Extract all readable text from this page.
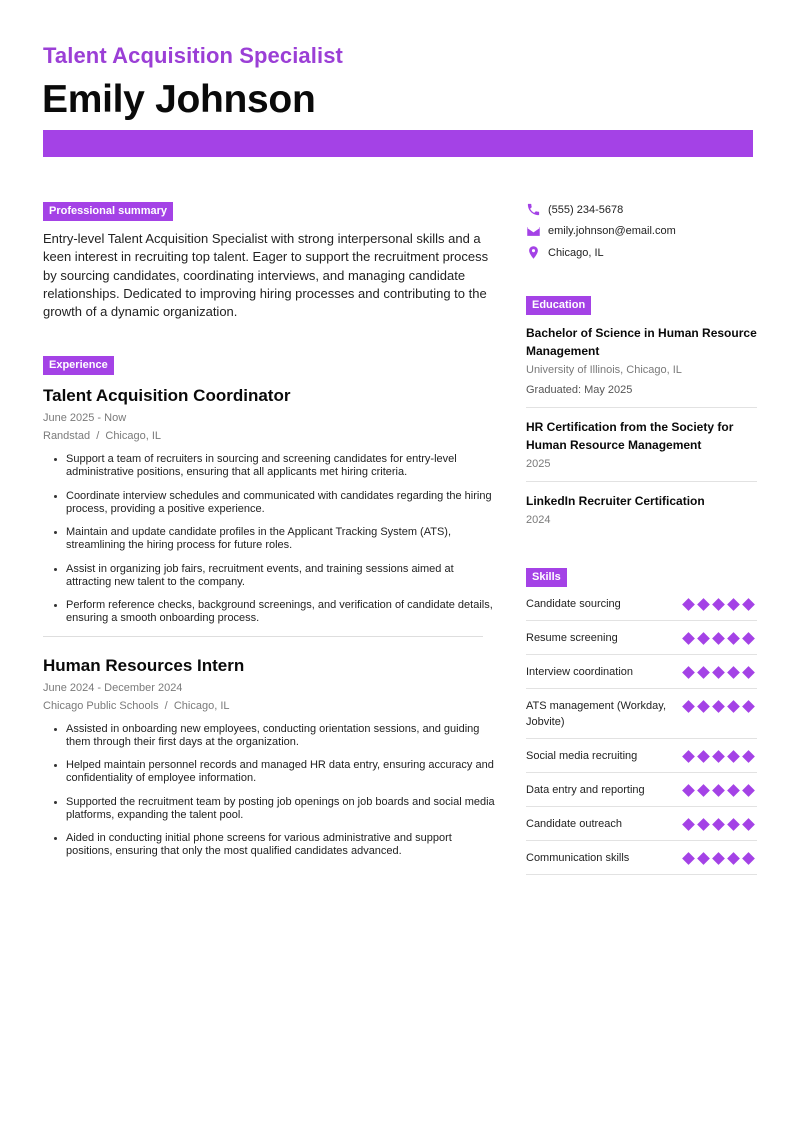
Talent Acquisition Specialist
Emily Johnson
Professional summary

Entry-level Talent Acquisition Specialist with strong interpersonal skills and a keen interest in recruiting top talent. Eager to support the recruitment process by sourcing candidates, coordinating interviews, and managing candidate relationships. Dedicated to improving hiring processes and contributing to the growth of a dynamic organization.

Experience
Talent Acquisition Coordinator
June 2025 - Now
Randstad  /  Chicago, IL
Support a team of recruiters in sourcing and screening candidates for entry-level administrative positions, ensuring that all applicants met hiring criteria.
Coordinate interview schedules and communicated with candidates regarding the hiring process, providing a positive experience.
Maintain and update candidate profiles in the Applicant Tracking System (ATS), streamlining the hiring process for future roles.
Assist in organizing job fairs, recruitment events, and training sessions aimed at attracting new talent to the company.
Perform reference checks, background screenings, and verification of candidate details, ensuring a smooth onboarding process.
Human Resources Intern
June 2024 - December 2024
Chicago Public Schools  /  Chicago, IL
Assisted in onboarding new employees, conducting orientation sessions, and guiding them through their first days at the organization.
Helped maintain personnel records and managed HR data entry, ensuring accuracy and confidentiality of employee information.
Supported the recruitment team by posting job openings on job boards and social media platforms, expanding the talent pool.
Aided in conducting initial phone screens for various administrative and support positions, ensuring that only the most qualified candidates advanced.
(555) 234-5678
emily.johnson@email.com
Chicago, IL
Education
Bachelor of Science in Human Resource Management
University of Illinois, Chicago, IL
Graduated: May 2025
HR Certification from the Society for Human Resource Management
2025
LinkedIn Recruiter Certification
2024
Skills
Candidate sourcing
Resume screening
Interview coordination
ATS management (Workday, Jobvite)
Social media recruiting
Data entry and reporting
Candidate outreach
Communication skills
